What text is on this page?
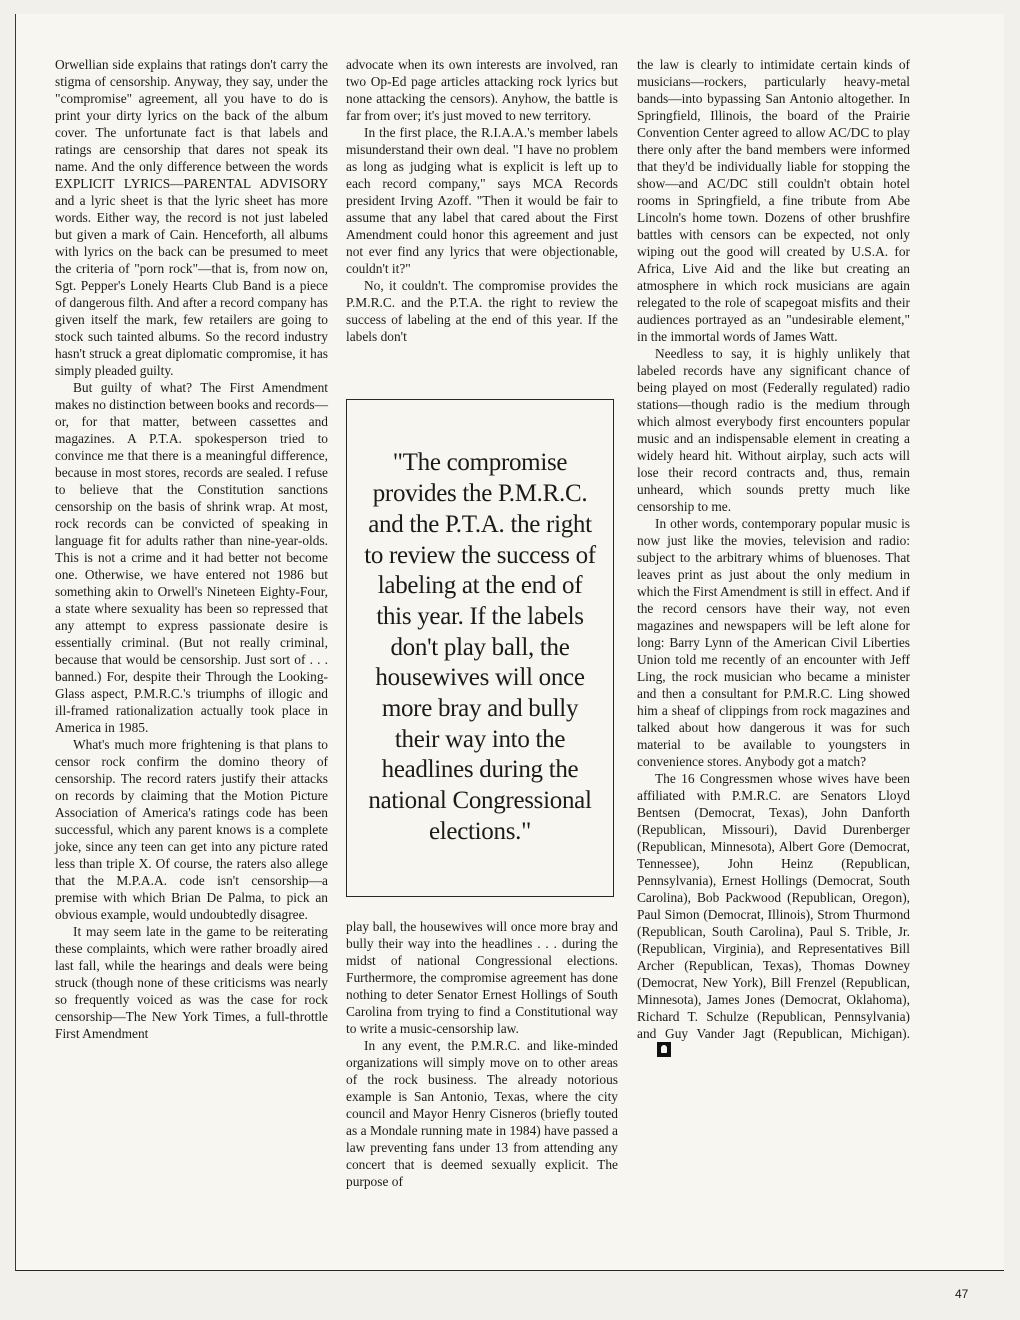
Orwellian side explains that ratings don't carry the stigma of censorship. Anyway, they say, under the "compromise" agreement, all you have to do is print your dirty lyrics on the back of the album cover. The unfortunate fact is that labels and ratings are censorship that dares not speak its name. And the only difference between the words EXPLICIT LYRICS—PARENTAL ADVISORY and a lyric sheet is that the lyric sheet has more words. Either way, the record is not just labeled but given a mark of Cain. Henceforth, all albums with lyrics on the back can be presumed to meet the criteria of "porn rock"—that is, from now on, Sgt. Pepper's Lonely Hearts Club Band is a piece of dangerous filth. And after a record company has given itself the mark, few retailers are going to stock such tainted albums. So the record industry hasn't struck a great diplomatic compromise, it has simply pleaded guilty.

But guilty of what? The First Amendment makes no distinction between books and records—or, for that matter, between cassettes and magazines. A P.T.A. spokesperson tried to convince me that there is a meaningful difference, because in most stores, records are sealed. I refuse to believe that the Constitution sanctions censorship on the basis of shrink wrap. At most, rock records can be convicted of speaking in language fit for adults rather than nine-year-olds. This is not a crime and it had better not become one. Otherwise, we have entered not 1986 but something akin to Orwell's Nineteen Eighty-Four, a state where sexuality has been so repressed that any attempt to express passionate desire is essentially criminal. (But not really criminal, because that would be censorship. Just sort of . . . banned.) For, despite their Through the Looking-Glass aspect, P.M.R.C.'s triumphs of illogic and ill-framed rationalization actually took place in America in 1985.

What's much more frightening is that plans to censor rock confirm the domino theory of censorship. The record raters justify their attacks on records by claiming that the Motion Picture Association of America's ratings code has been successful, which any parent knows is a complete joke, since any teen can get into any picture rated less than triple X. Of course, the raters also allege that the M.P.A.A. code isn't censorship—a premise with which Brian De Palma, to pick an obvious example, would undoubtedly disagree.

It may seem late in the game to be reiterating these complaints, which were rather broadly aired last fall, while the hearings and deals were being struck (though none of these criticisms was nearly so frequently voiced as was the case for rock censorship—The New York Times, a full-throttle First Amendment

advocate when its own interests are involved, ran two Op-Ed page articles attacking rock lyrics but none attacking the censors). Anyhow, the battle is far from over; it's just moved to new territory.

In the first place, the R.I.A.A.'s member labels misunderstand their own deal. "I have no problem as long as judging what is explicit is left up to each record company," says MCA Records president Irving Azoff. "Then it would be fair to assume that any label that cared about the First Amendment could honor this agreement and just not ever find any lyrics that were objectionable, couldn't it?"

No, it couldn't. The compromise provides the P.M.R.C. and the P.T.A. the right to review the success of labeling at the end of this year. If the labels don't

"The compromise provides the P.M.R.C. and the P.T.A. the right to review the success of labeling at the end of this year. If the labels don't play ball, the housewives will once more bray and bully their way into the headlines during the national Congressional elections."

play ball, the housewives will once more bray and bully their way into the headlines . . . during the midst of national Congressional elections. Furthermore, the compromise agreement has done nothing to deter Senator Ernest Hollings of South Carolina from trying to find a Constitutional way to write a music-censorship law.

In any event, the P.M.R.C. and like-minded organizations will simply move on to other areas of the rock business. The already notorious example is San Antonio, Texas, where the city council and Mayor Henry Cisneros (briefly touted as a Mondale running mate in 1984) have passed a law preventing fans under 13 from attending any concert that is deemed sexually explicit. The purpose of

the law is clearly to intimidate certain kinds of musicians—rockers, particularly heavy-metal bands—into bypassing San Antonio altogether. In Springfield, Illinois, the board of the Prairie Convention Center agreed to allow AC/DC to play there only after the band members were informed that they'd be individually liable for stopping the show—and AC/DC still couldn't obtain hotel rooms in Springfield, a fine tribute from Abe Lincoln's home town. Dozens of other brushfire battles with censors can be expected, not only wiping out the good will created by U.S.A. for Africa, Live Aid and the like but creating an atmosphere in which rock musicians are again relegated to the role of scapegoat misfits and their audiences portrayed as an "undesirable element," in the immortal words of James Watt.

Needless to say, it is highly unlikely that labeled records have any significant chance of being played on most (Federally regulated) radio stations—though radio is the medium through which almost everybody first encounters popular music and an indispensable element in creating a widely heard hit. Without airplay, such acts will lose their record contracts and, thus, remain unheard, which sounds pretty much like censorship to me.

In other words, contemporary popular music is now just like the movies, television and radio: subject to the arbitrary whims of bluenoses. That leaves print as just about the only medium in which the First Amendment is still in effect. And if the record censors have their way, not even magazines and newspapers will be left alone for long: Barry Lynn of the American Civil Liberties Union told me recently of an encounter with Jeff Ling, the rock musician who became a minister and then a consultant for P.M.R.C. Ling showed him a sheaf of clippings from rock magazines and talked about how dangerous it was for such material to be available to youngsters in convenience stores. Anybody got a match?

The 16 Congressmen whose wives have been affiliated with P.M.R.C. are Senators Lloyd Bentsen (Democrat, Texas), John Danforth (Republican, Missouri), David Durenberger (Republican, Minnesota), Albert Gore (Democrat, Tennessee), John Heinz (Republican, Pennsylvania), Ernest Hollings (Democrat, South Carolina), Bob Packwood (Republican, Oregon), Paul Simon (Democrat, Illinois), Strom Thurmond (Republican, South Carolina), Paul S. Trible, Jr. (Republican, Virginia), and Representatives Bill Archer (Republican, Texas), Thomas Downey (Democrat, New York), Bill Frenzel (Republican, Minnesota), James Jones (Democrat, Oklahoma), Richard T. Schulze (Republican, Pennsylvania) and Guy Vander Jagt (Republican, Michigan).

47
